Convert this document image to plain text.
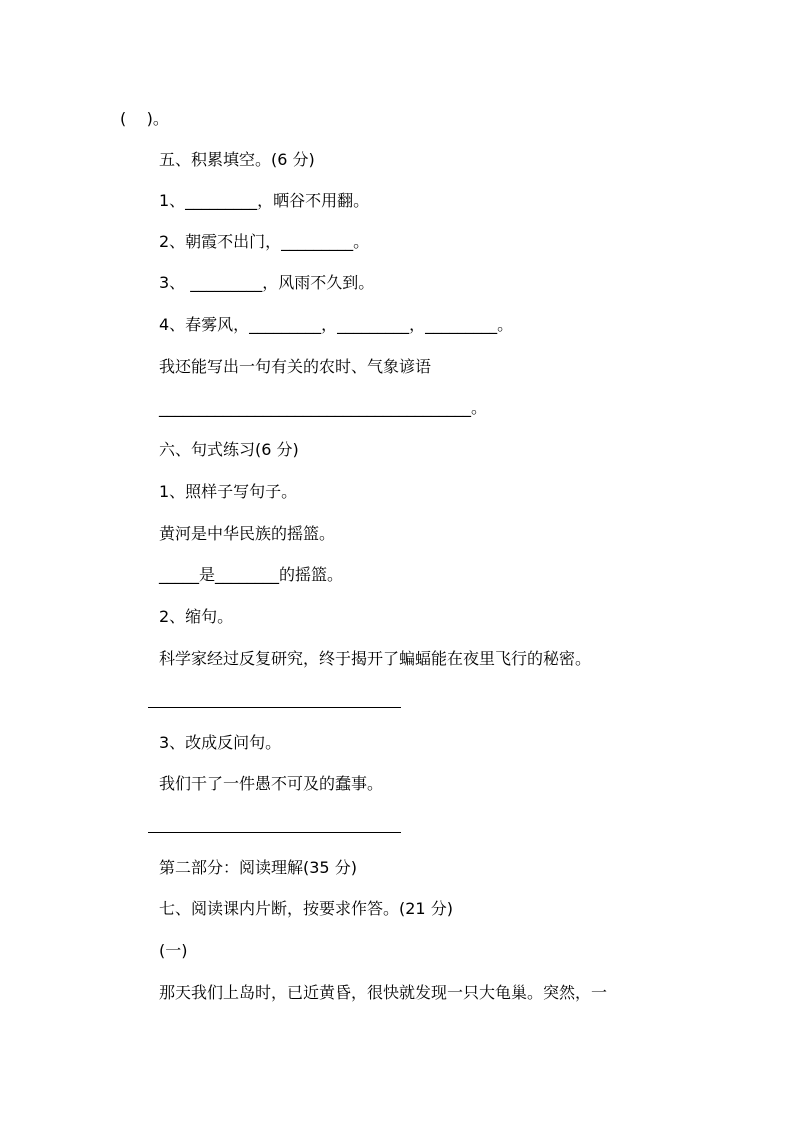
(    )。
五、积累填空。(6 分)
1、_________，晒谷不用翻。
2、朝霞不出门，_________。
3、 _________，风雨不久到。
4、春雾风，_________，_________，_________。
我还能写出一句有关的农时、气象谚语
_______________________________________。
六、句式练习(6 分)
1、照样子写句子。
黄河是中华民族的摇篮。
_____是________的摇篮。
2、缩句。
科学家经过反复研究，终于揭开了蝙蝠能在夜里飞行的秘密。
3、改成反问句。
我们干了一件愚不可及的蠢事。
第二部分：阅读理解(35 分)
七、阅读课内片断，按要求作答。(21 分)
(一)
那天我们上岛时，已近黄昏，很快就发现一只大龟巢。突然，一
